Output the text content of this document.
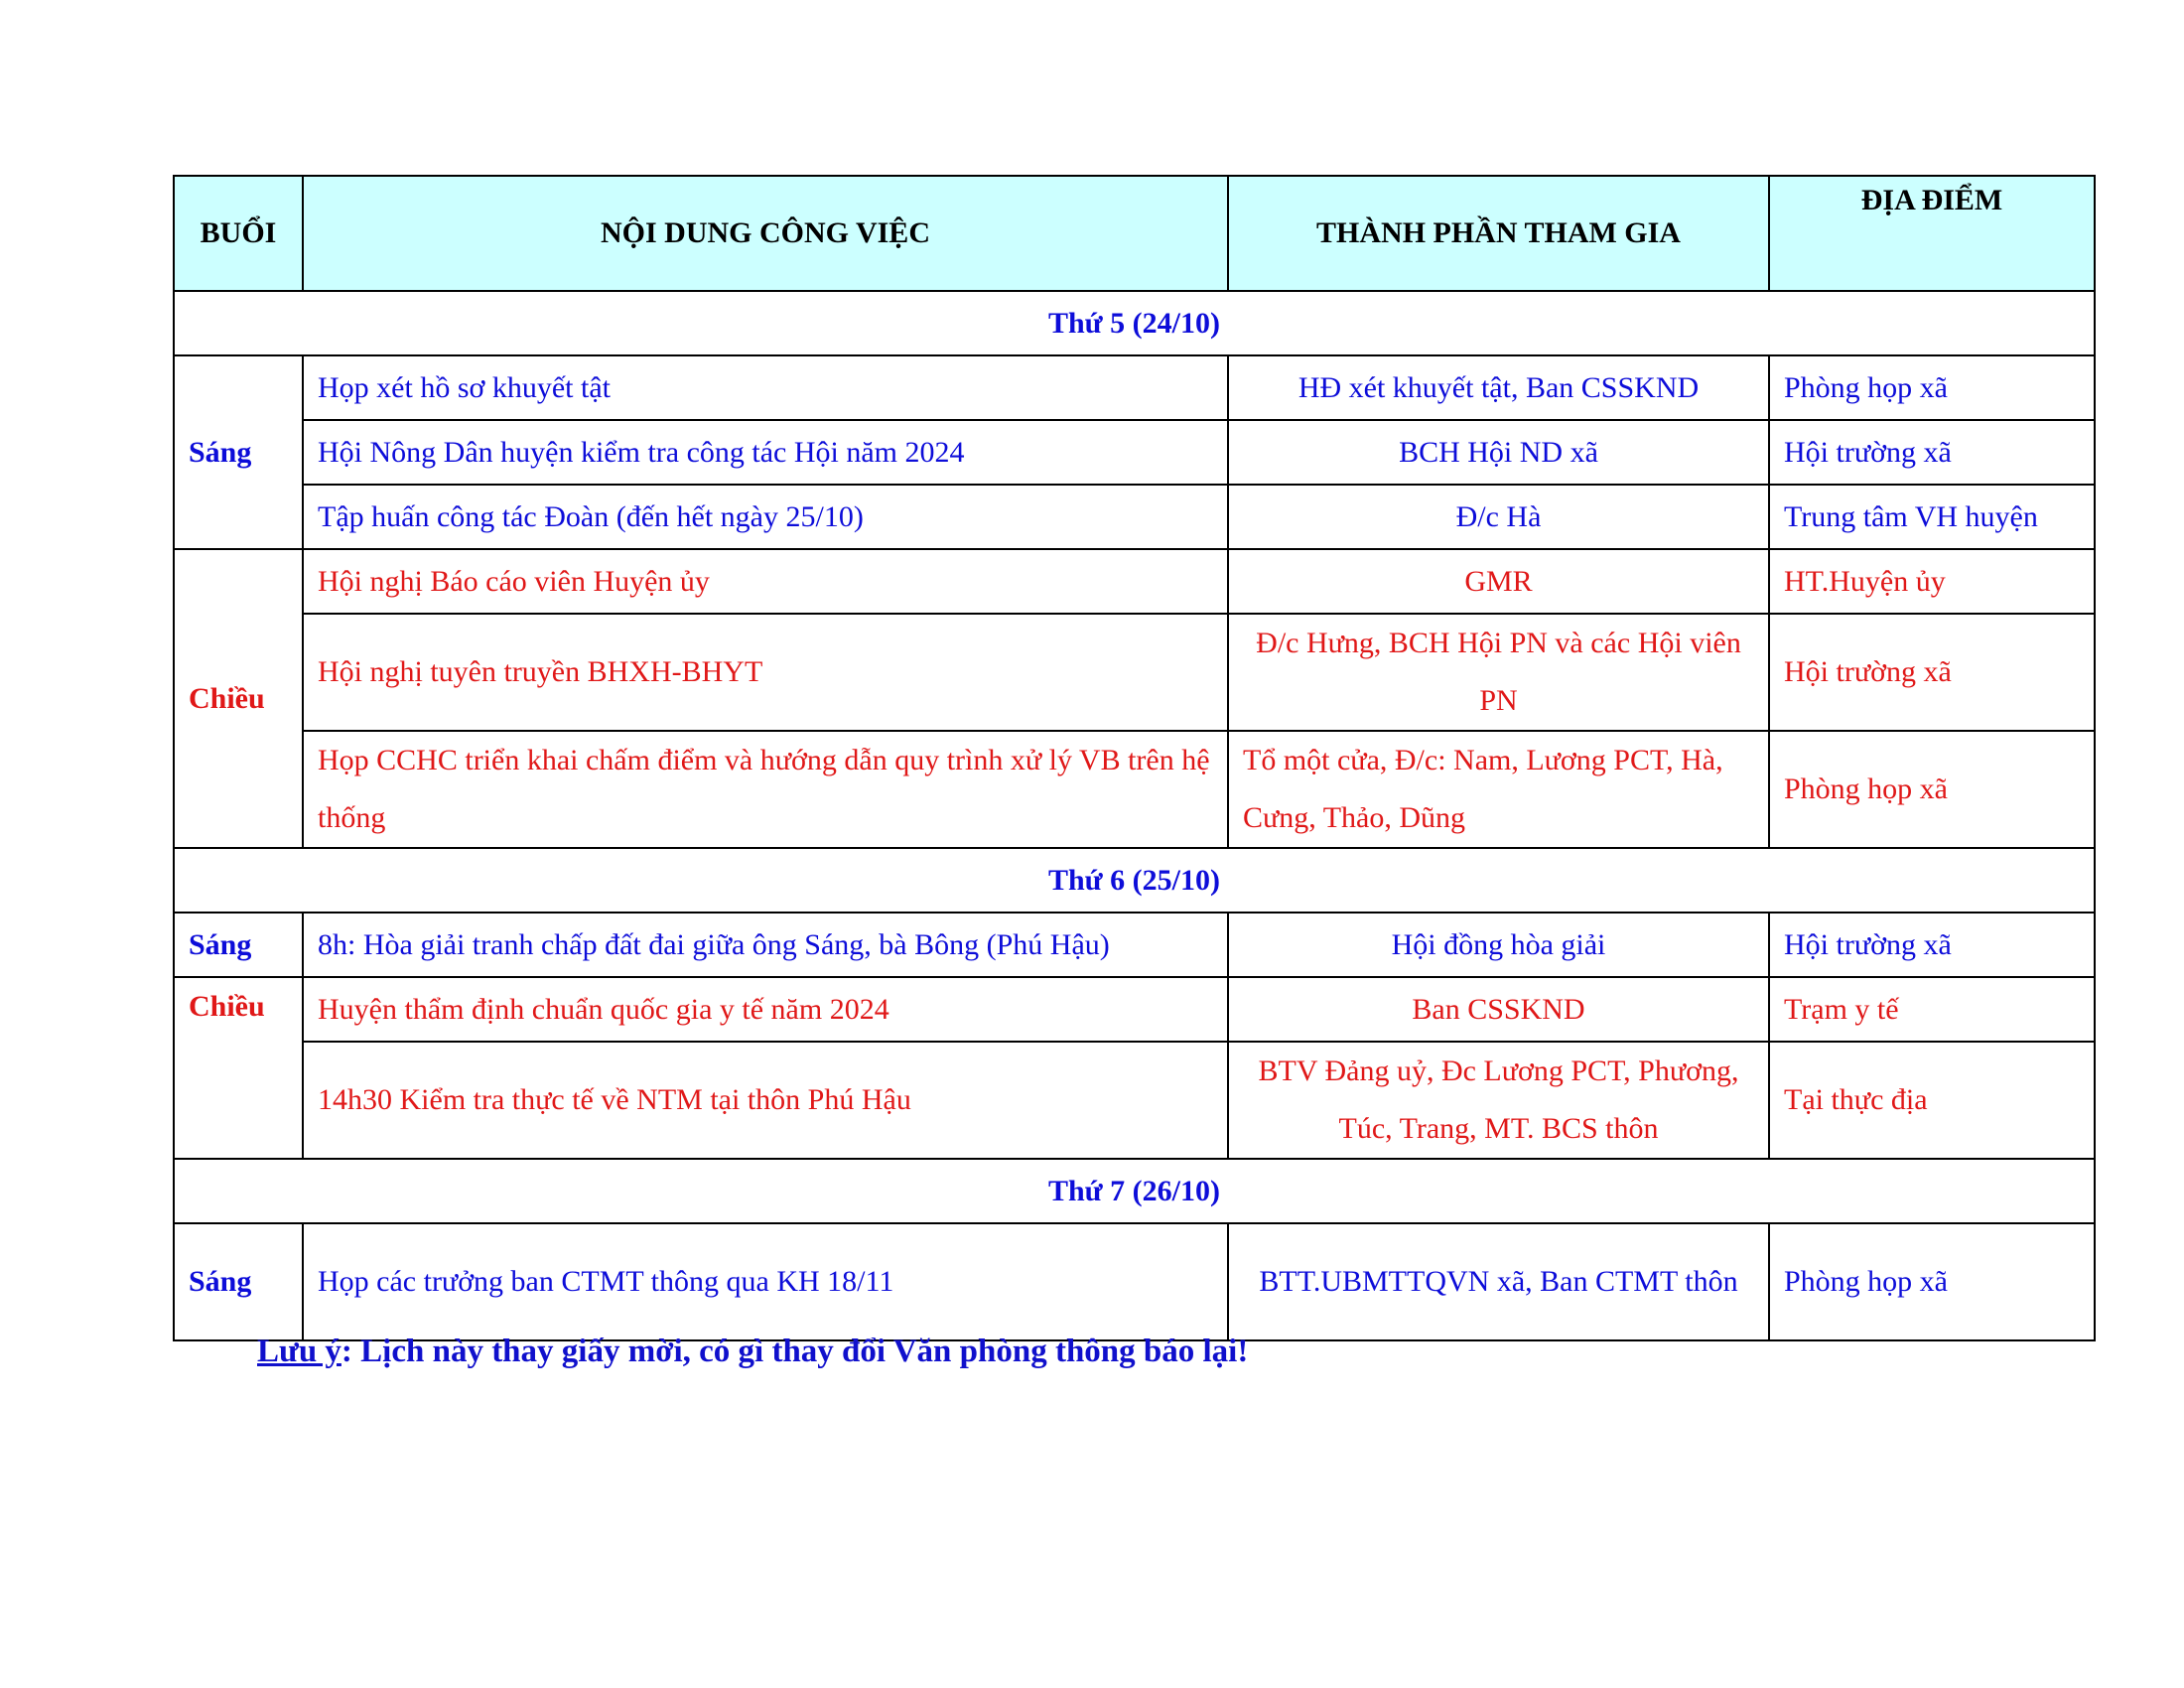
BUỔI	NỘI DUNG CÔNG VIỆC	THÀNH PHẦN THAM GIA	ĐỊA ĐIỂM
Thứ 5 (24/10)			
Sáng	Họp xét hồ sơ khuyết tật	HĐ xét khuyết tật, Ban CSSKND	Phòng họp xã
	Hội Nông Dân huyện kiểm tra công tác Hội năm 2024	BCH Hội ND xã	Hội trường xã
	Tập huấn công tác Đoàn (đến hết ngày 25/10)	Đ/c Hà	Trung tâm VH huyện
Chiều	Hội nghị Báo cáo viên Huyện ủy	GMR	HT.Huyện ủy
	Hội nghị tuyên truyền BHXH-BHYT	Đ/c Hưng, BCH Hội PN và các Hội viên PN	Hội trường xã
	Họp CCHC triển khai chấm điểm và hướng dẫn quy trình xử lý VB trên hệ thống	Tổ một cửa, Đ/c: Nam, Lương PCT, Hà, Cưng, Thảo, Dũng	Phòng họp xã
Thứ 6 (25/10)			
Sáng	8h: Hòa giải tranh chấp đất đai giữa ông Sáng, bà Bông (Phú Hậu)	Hội đồng hòa giải	Hội trường xã
Chiều	Huyện thẩm định chuẩn quốc gia y tế năm 2024	Ban CSSKND	Trạm y tế
	14h30 Kiểm tra thực tế về NTM tại thôn Phú Hậu	BTV Đảng uỷ, Đc Lương PCT, Phương, Túc, Trang, MT. BCS thôn	Tại thực địa
Thứ 7 (26/10)			
Sáng	Họp các trưởng ban CTMT thông qua KH 18/11	BTT.UBMTTQVN xã, Ban CTMT thôn	Phòng họp xã
Lưu ý: Lịch này thay giấy mời, có gì thay đổi Văn phòng thông báo lại!
